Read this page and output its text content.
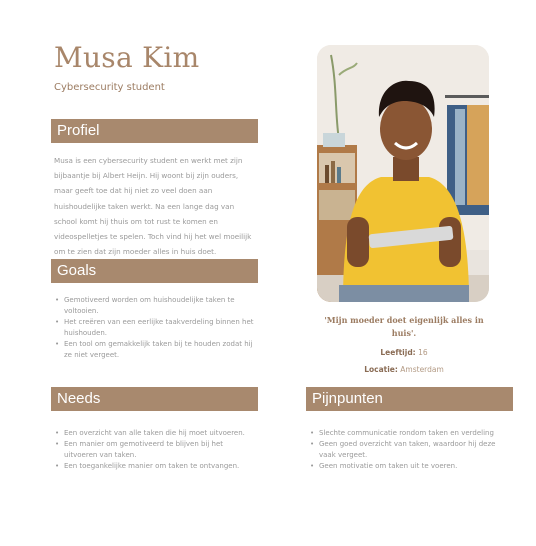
Musa Kim
Cybersecurity student
Profiel
Musa is een cybersecurity student en werkt met zijn bijbaantje bij Albert Heijn. Hij woont bij zijn ouders, maar geeft toe dat hij niet zo veel doen aan huishoudelijke taken werkt. Na een lange dag van school komt hij thuis om tot rust te komen en videospelletjes te spelen. Toch vind hij het wel moeilijk om te zien dat zijn moeder alles in huis doet.
Goals
• Gemotiveerd worden om huishoudelijke taken te voltooien.
• Het creëren van een eerlijke taakverdeling binnen het huishouden.
• Een tool om gemakkelijk taken bij te houden zodat hij ze niet vergeet.
Needs
• Een overzicht van alle taken die hij moet uitvoeren.
• Een manier om gemotiveerd te blijven bij het uitvoeren van taken.
• Een toegankelijke manier om taken te ontvangen.
Pijnpunten
• Slechte communicatie rondom taken en verdeling
• Geen goed overzicht van taken, waardoor hij deze vaak vergeet.
• Geen motivatie om taken uit te voeren.
'Mijn moeder doet eigenlijk alles in huis'.
Leeftijd: 16
Locatie: Amsterdam
